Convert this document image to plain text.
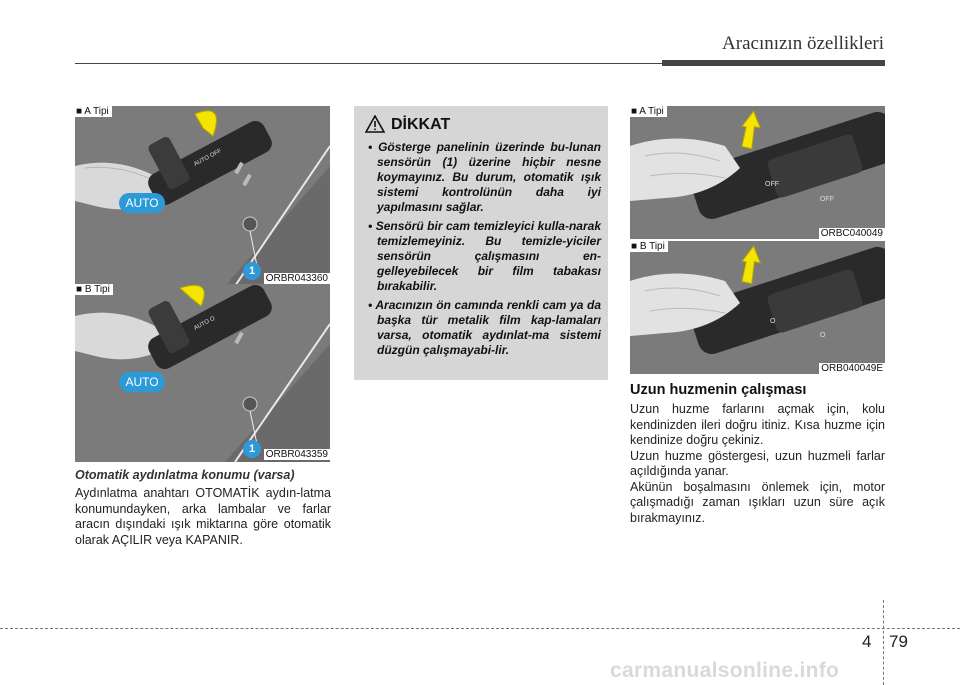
Aracınızın özellikleri
AUTO OFF
AUTO
1
■ A Tipi
ORBR043360
AUTO O
AUTO
1
■ B Tipi
ORBR043359
Otomatik aydınlatma konumu (varsa)
Aydınlatma anahtarı OTOMATİK aydın-latma konumundayken, arka lambalar ve farlar aracın dışındaki ışık miktarına göre otomatik olarak AÇILIR veya KAPANIR.
DİKKAT
• Gösterge panelinin üzerinde bu-lunan sensörün (1) üzerine hiçbir nesne koymayınız. Bu durum, otomatik ışık sistemi kontrolünün daha iyi yapılmasını sağlar.
• Sensörü bir cam temizleyici kulla-narak temizlemeyiniz. Bu temizle-yiciler sensörün çalışmasını en-gelleyebilecek bir film tabakası bırakabilir.
• Aracınızın ön camında renkli cam ya da başka tür metalik film kap-lamaları varsa, otomatik aydınlat-ma sistemi düzgün çalışmayabi-lir.
OFF
OFF
■ A Tipi
ORBC040049
O
O
■ B Tipi
ORB040049E
Uzun huzmenin çalışması
Uzun huzme farlarını açmak için, kolu kendinizden ileri doğru itiniz. Kısa huzme için kendinize doğru çekiniz.
Uzun huzme göstergesi, uzun huzmeli farlar açıldığında yanar.
Akünün boşalmasını önlemek için, motor çalışmadığı zaman ışıkları uzun süre açık bırakmayınız.
4 79
carmanualsonline.info
